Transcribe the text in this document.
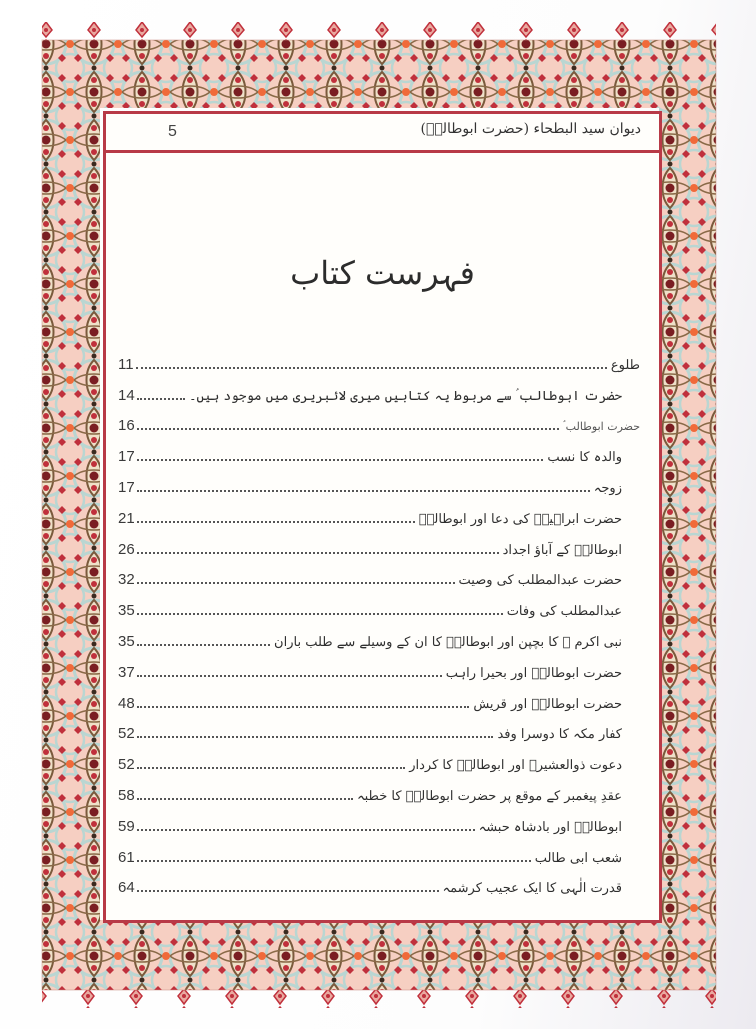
5	دیوان سید البطحاء (حضرت ابوطالبؑ)
فہرست کتاب
11	طلوع
14	حضرت ابوطالب ؑ سے مربوط یہ کتابیں میری لائبریری میں موجود ہیں۔
16	حضرت ابوطالب ؑ
17	والدہ کا نسب
17	زوجہ
21	حضرت ابراہیمؑ کی دعا اور ابوطالبؑ
26	ابوطالبؑ کے آباؤ اجداد
32	حضرت عبدالمطلب کی وصیت
35	عبدالمطلب کی وفات
35	نبی اکرم ﷺ کا بچپن اور ابوطالبؑ کا ان کے وسیلے سے طلب باران
37	حضرت ابوطالبؑ اور بحیرا راہب
48	حضرت ابوطالبؑ اور قریش
52	کفار مکہ کا دوسرا وفد
52	دعوت ذوالعشیرہ اور ابوطالبؑ کا کردار
58	عقدِ پیغمبر کے موقع پر حضرت ابوطالبؑ کا خطبہ
59	ابوطالبؑ اور بادشاہ حبشہ
61	شعب ابی طالب
64	قدرت الٰہی کا ایک عجیب کرشمہ
